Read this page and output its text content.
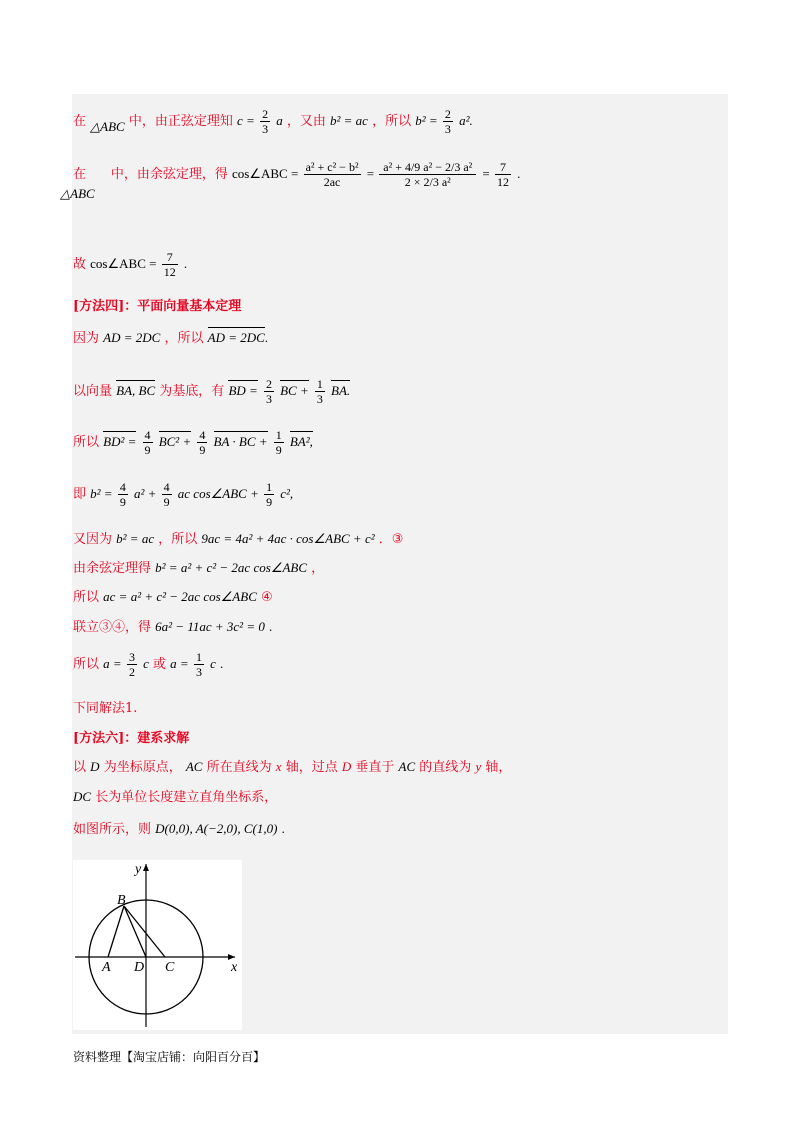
在 △ABC 中，由正弦定理知 $c = \frac{2}{3}$ a ，又由 b² = ac ，所以 $b^2 = \frac{2}{3} a^2$.
在 △ABC 中，由余弦定理，得 cos∠ABC = $\frac{\text{a² + c² − b²}}{2ac} = \frac{\text{a² + 4/9 a² − 2/3 a²}}{\text{2 × 2/3 a²}} = \frac{7}{12}$ .
故 cos∠ABC = $\frac{7}{12}$ .
[方法四]：平面向量基本定理
因为 AD = 2DC ，所以 AD = 2DC.
以向量 BA, BC 为基底，有 BD = $\frac{2}{3}$ BC + $\frac{1}{3}$ BA.
所以 $BD^2 = \frac{4}{9} BC^2 + \frac{4}{9}$ BA · BC + $\frac{1}{9} BA^2$,
即 $b^2 = \frac{4}{9} a^2 + \frac{4}{9}$ ac cos∠ABC + $\frac{1}{9} c^2$,
又因为 b² = ac ，所以 9ac = 4a² + 4ac · cos∠ABC + c² ．③
由余弦定理得 b² = a² + c² − 2ac cos∠ABC ，
所以 ac = a² + c² − 2ac cos∠ABC ④
联立③④，得 6a² − 11ac + 3c² = 0 .
所以 $a = \frac{3}{2}$ c 或 $a = \frac{1}{3}$ c .
下同解法1.
[方法六]：建系求解
以 D 为坐标原点， AC 所在直线为 x 轴，过点 D 垂直于 AC 的直线为 y 轴，
DC 长为单位长度建立直角坐标系，
如图所示，则 D(0,0), A(−2,0), C(1,0) .
y
x
B
A D C
资料整理【淘宝店铺：向阳百分百】
